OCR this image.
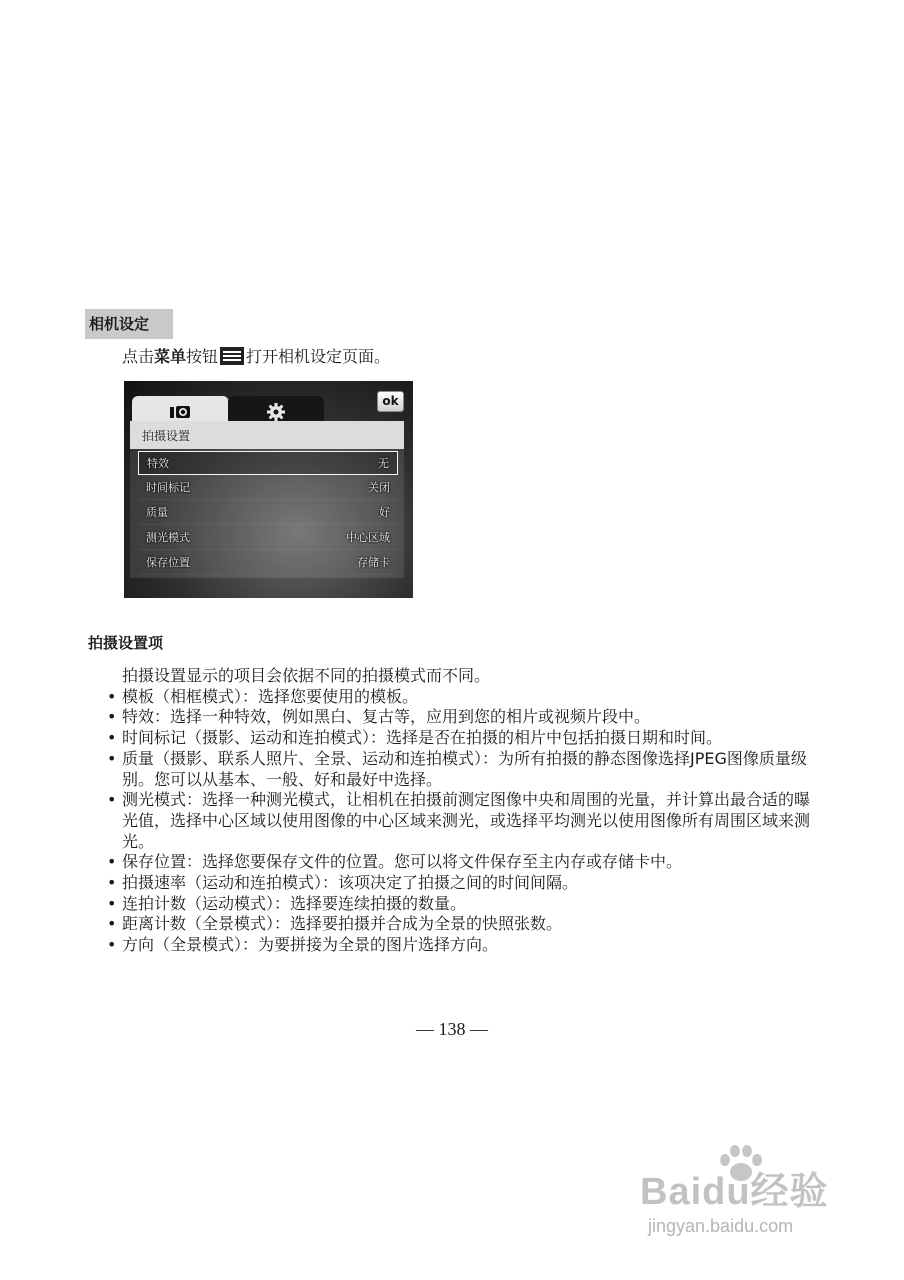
相机设定
点击菜单按钮 打开相机设定页面。
ok
拍摄设置
特效	无
时间标记	关闭
质量	好
测光模式	中心区域
保存位置	存储卡
拍摄设置项

拍摄设置显示的项目会依据不同的拍摄模式而不同。

• 模板（相框模式）：选择您要使用的模板。
• 特效：选择一种特效，例如黑白、复古等，应用到您的相片或视频片段中。
• 时间标记（摄影、运动和连拍模式）：选择是否在拍摄的相片中包括拍摄日期和时间。
• 质量（摄影、联系人照片、全景、运动和连拍模式）：为所有拍摄的静态图像选择JPEG图像质量级别。您可以从基本、一般、好和最好中选择。
• 测光模式：选择一种测光模式，让相机在拍摄前测定图像中央和周围的光量，并计算出最合适的曝光值，选择中心区域以使用图像的中心区域来测光，或选择平均测光以使用图像所有周围区域来测光。
• 保存位置：选择您要保存文件的位置。您可以将文件保存至主内存或存储卡中。
• 拍摄速率（运动和连拍模式）：该项决定了拍摄之间的时间间隔。
• 连拍计数（运动模式）：选择要连续拍摄的数量。
• 距离计数（全景模式）：选择要拍摄并合成为全景的快照张数。
• 方向（全景模式）：为要拼接为全景的图片选择方向。
— 138 —
Baidu经验
jingyan.baidu.com
